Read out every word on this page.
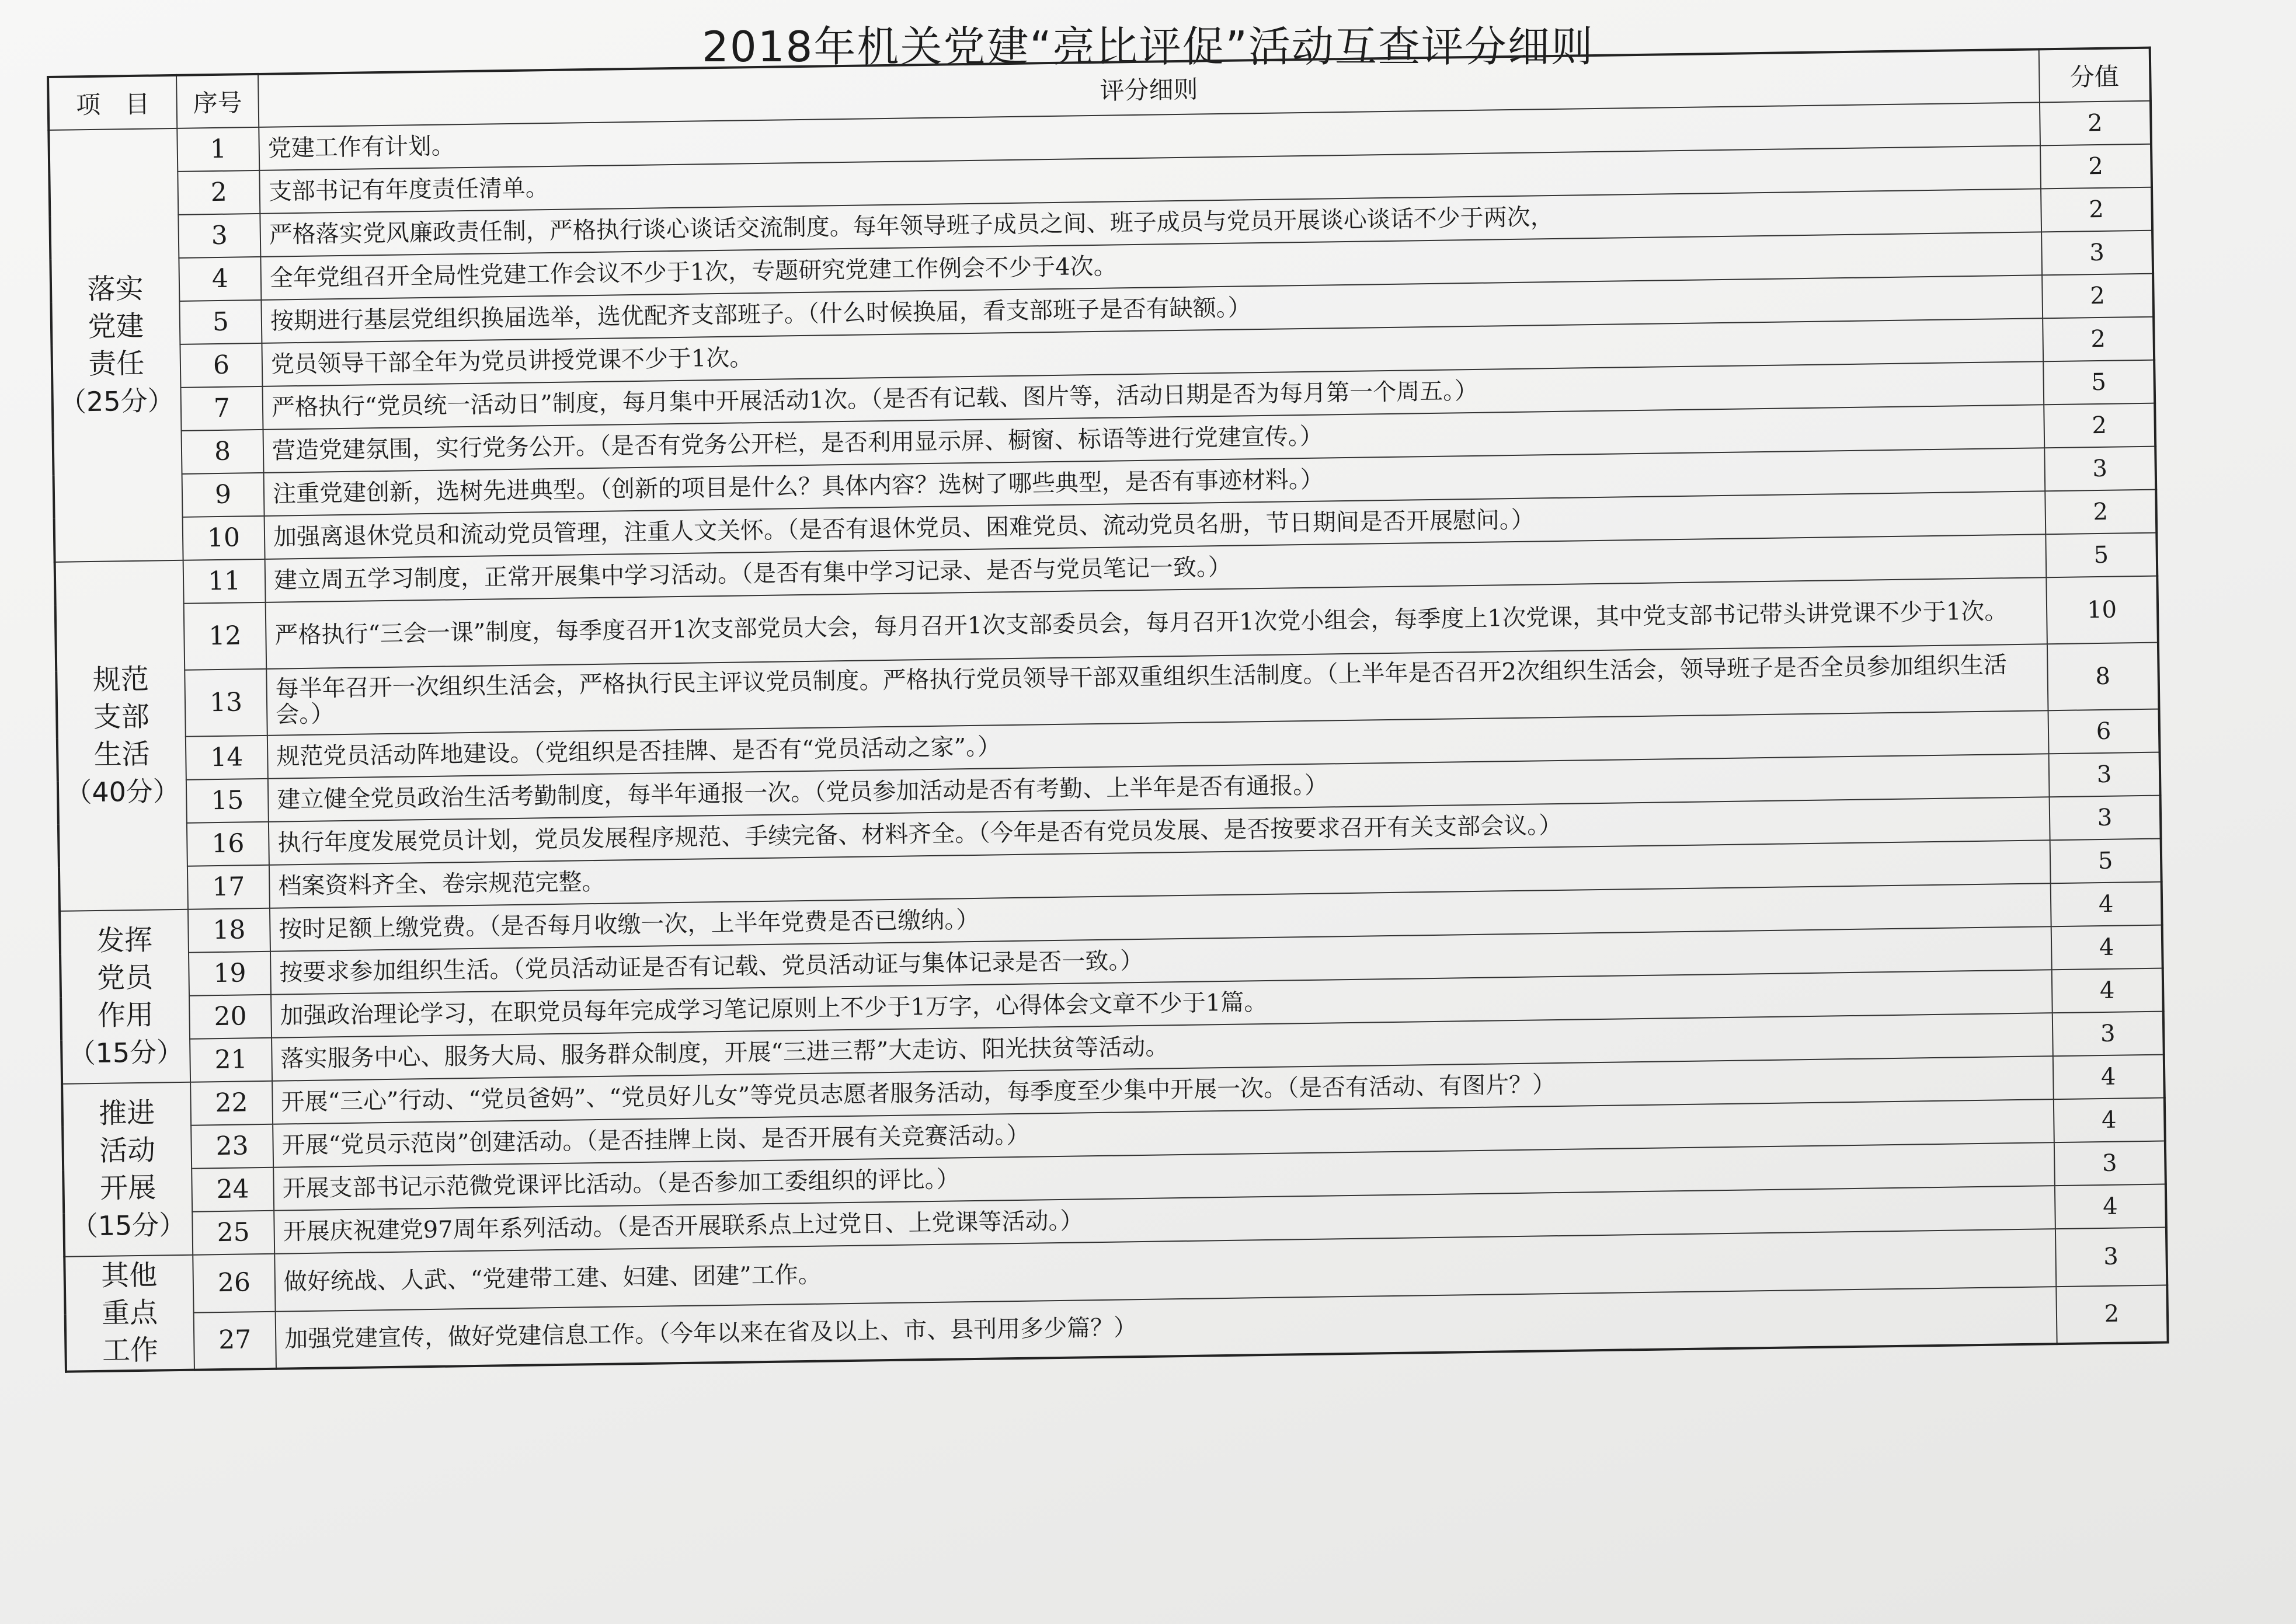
2018年机关党建“亮比评促”活动互查评分细则
项　目	序号	评分细则	分值

落实党建责任
（25分）	1	党建工作有计划。	2
	2	支部书记有年度责任清单。	2
	3	严格落实党风廉政责任制，严格执行谈心谈话交流制度。每年领导班子成员之间、班子成员与党员开展谈心谈话不少于两次，	2
	4	全年党组召开全局性党建工作会议不少于1次，专题研究党建工作例会不少于4次。	3
	5	按期进行基层党组织换届选举，选优配齐支部班子。（什么时候换届，看支部班子是否有缺额。）	2
	6	党员领导干部全年为党员讲授党课不少于1次。	2
	7	严格执行“党员统一活动日”制度，每月集中开展活动1次。（是否有记载、图片等，活动日期是否为每月第一个周五。）	5
	8	营造党建氛围，实行党务公开。（是否有党务公开栏，是否利用显示屏、橱窗、标语等进行党建宣传。）	2
	9	注重党建创新，选树先进典型。（创新的项目是什么？具体内容？选树了哪些典型，是否有事迹材料。）	3
	10	加强离退休党员和流动党员管理，注重人文关怀。（是否有退休党员、困难党员、流动党员名册，节日期间是否开展慰问。）	2

规范支部生活
（40分）	11	建立周五学习制度，正常开展集中学习活动。（是否有集中学习记录、是否与党员笔记一致。）	5
	12	严格执行“三会一课”制度，每季度召开1次支部党员大会，每月召开1次支部委员会，每月召开1次党小组会，每季度上1次党课，其中党支部书记带头讲党课不少于1次。	10
	13	每半年召开一次组织生活会，严格执行民主评议党员制度。严格执行党员领导干部双重组织生活制度。（上半年是否召开2次组织生活会，领导班子是否全员参加组织生活会。）	8
	14	规范党员活动阵地建设。（党组织是否挂牌、是否有“党员活动之家”。）	6
	15	建立健全党员政治生活考勤制度，每半年通报一次。（党员参加活动是否有考勤、上半年是否有通报。）	3
	16	执行年度发展党员计划，党员发展程序规范、手续完备、材料齐全。（今年是否有党员发展、是否按要求召开有关支部会议。）	3
	17	档案资料齐全、卷宗规范完整。	5

发挥党员作用
（15分）	18	按时足额上缴党费。（是否每月收缴一次，上半年党费是否已缴纳。）	4
	19	按要求参加组织生活。（党员活动证是否有记载、党员活动证与集体记录是否一致。）	4
	20	加强政治理论学习，在职党员每年完成学习笔记原则上不少于1万字，心得体会文章不少于1篇。	4
	21	落实服务中心、服务大局、服务群众制度，开展“三进三帮”大走访、阳光扶贫等活动。	3

推进活动开展
（15分）	22	开展“三心”行动、“党员爸妈”、“党员好儿女”等党员志愿者服务活动，每季度至少集中开展一次。（是否有活动、有图片？）	4
	23	开展“党员示范岗”创建活动。（是否挂牌上岗、是否开展有关竞赛活动。）	4
	24	开展支部书记示范微党课评比活动。（是否参加工委组织的评比。）	3
	25	开展庆祝建党97周年系列活动。（是否开展联系点上过党日、上党课等活动。）	4

其他重点工作	26	做好统战、人武、“党建带工建、妇建、团建”工作。	3
	27	加强党建宣传，做好党建信息工作。（今年以来在省及以上、市、县刊用多少篇？）	2
